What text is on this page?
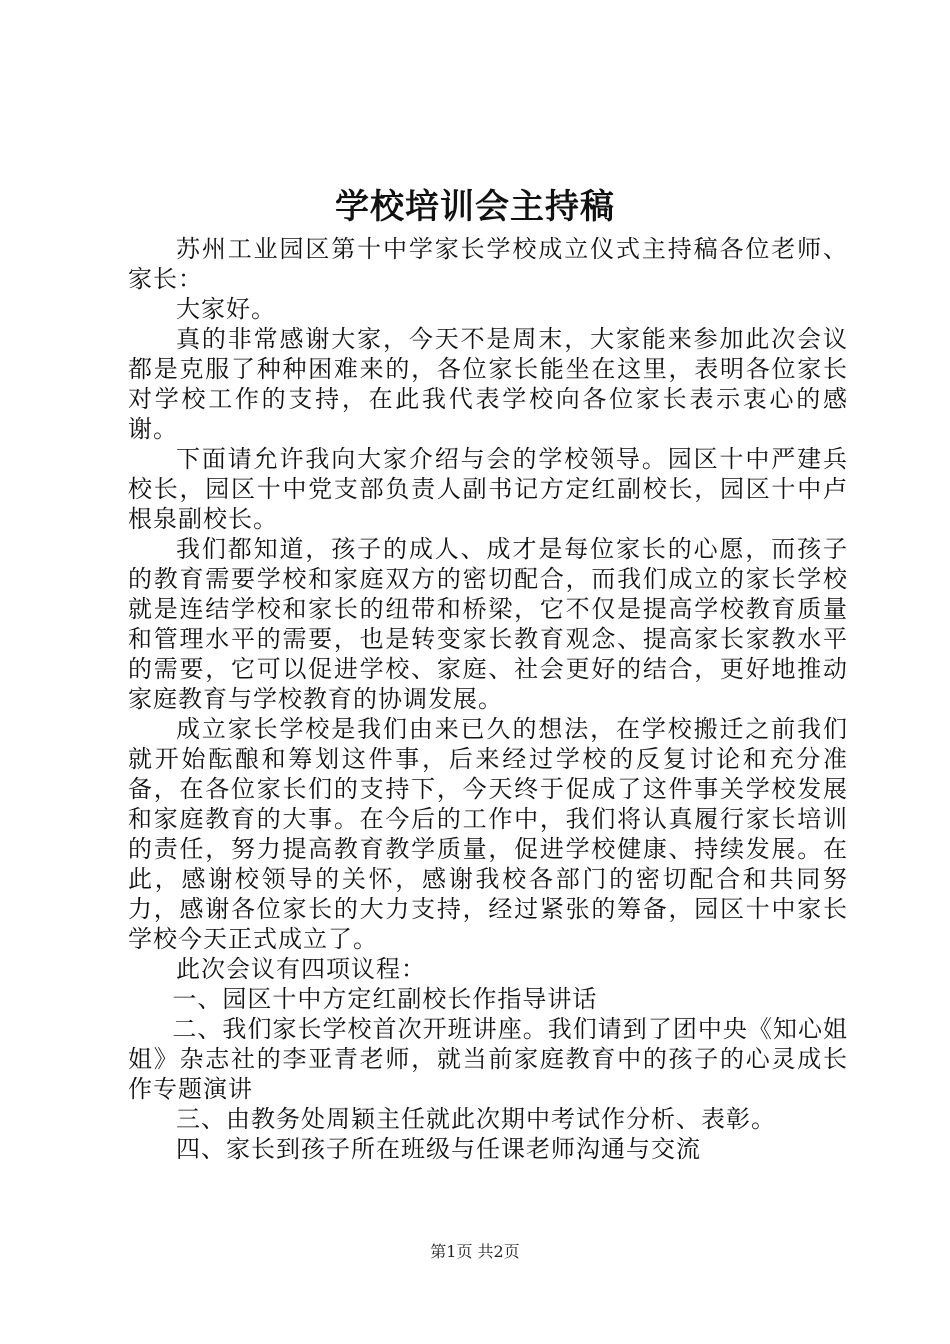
学校培训会主持稿

苏州工业园区第十中学家长学校成立仪式主持稿各位老师、家长：

大家好。

真的非常感谢大家，今天不是周末，大家能来参加此次会议都是克服了种种困难来的，各位家长能坐在这里，表明各位家长对学校工作的支持，在此我代表学校向各位家长表示衷心的感谢。

下面请允许我向大家介绍与会的学校领导。园区十中严建兵校长，园区十中党支部负责人副书记方定红副校长，园区十中卢根泉副校长。

我们都知道，孩子的成人、成才是每位家长的心愿，而孩子的教育需要学校和家庭双方的密切配合，而我们成立的家长学校就是连结学校和家长的纽带和桥梁，它不仅是提高学校教育质量和管理水平的需要，也是转变家长教育观念、提高家长家教水平的需要，它可以促进学校、家庭、社会更好的结合，更好地推动家庭教育与学校教育的协调发展。

成立家长学校是我们由来已久的想法，在学校搬迁之前我们就开始酝酿和筹划这件事，后来经过学校的反复讨论和充分准备，在各位家长们的支持下，今天终于促成了这件事关学校发展和家庭教育的大事。在今后的工作中，我们将认真履行家长培训的责任，努力提高教育教学质量，促进学校健康、持续发展。在此，感谢校领导的关怀，感谢我校各部门的密切配合和共同努力，感谢各位家长的大力支持，经过紧张的筹备，园区十中家长学校今天正式成立了。

此次会议有四项议程：

一、园区十中方定红副校长作指导讲话

二、我们家长学校首次开班讲座。我们请到了团中央《知心姐姐》杂志社的李亚青老师，就当前家庭教育中的孩子的心灵成长作专题演讲

三、由教务处周颖主任就此次期中考试作分析、表彰。

四、家长到孩子所在班级与任课老师沟通与交流

第1页 共2页
